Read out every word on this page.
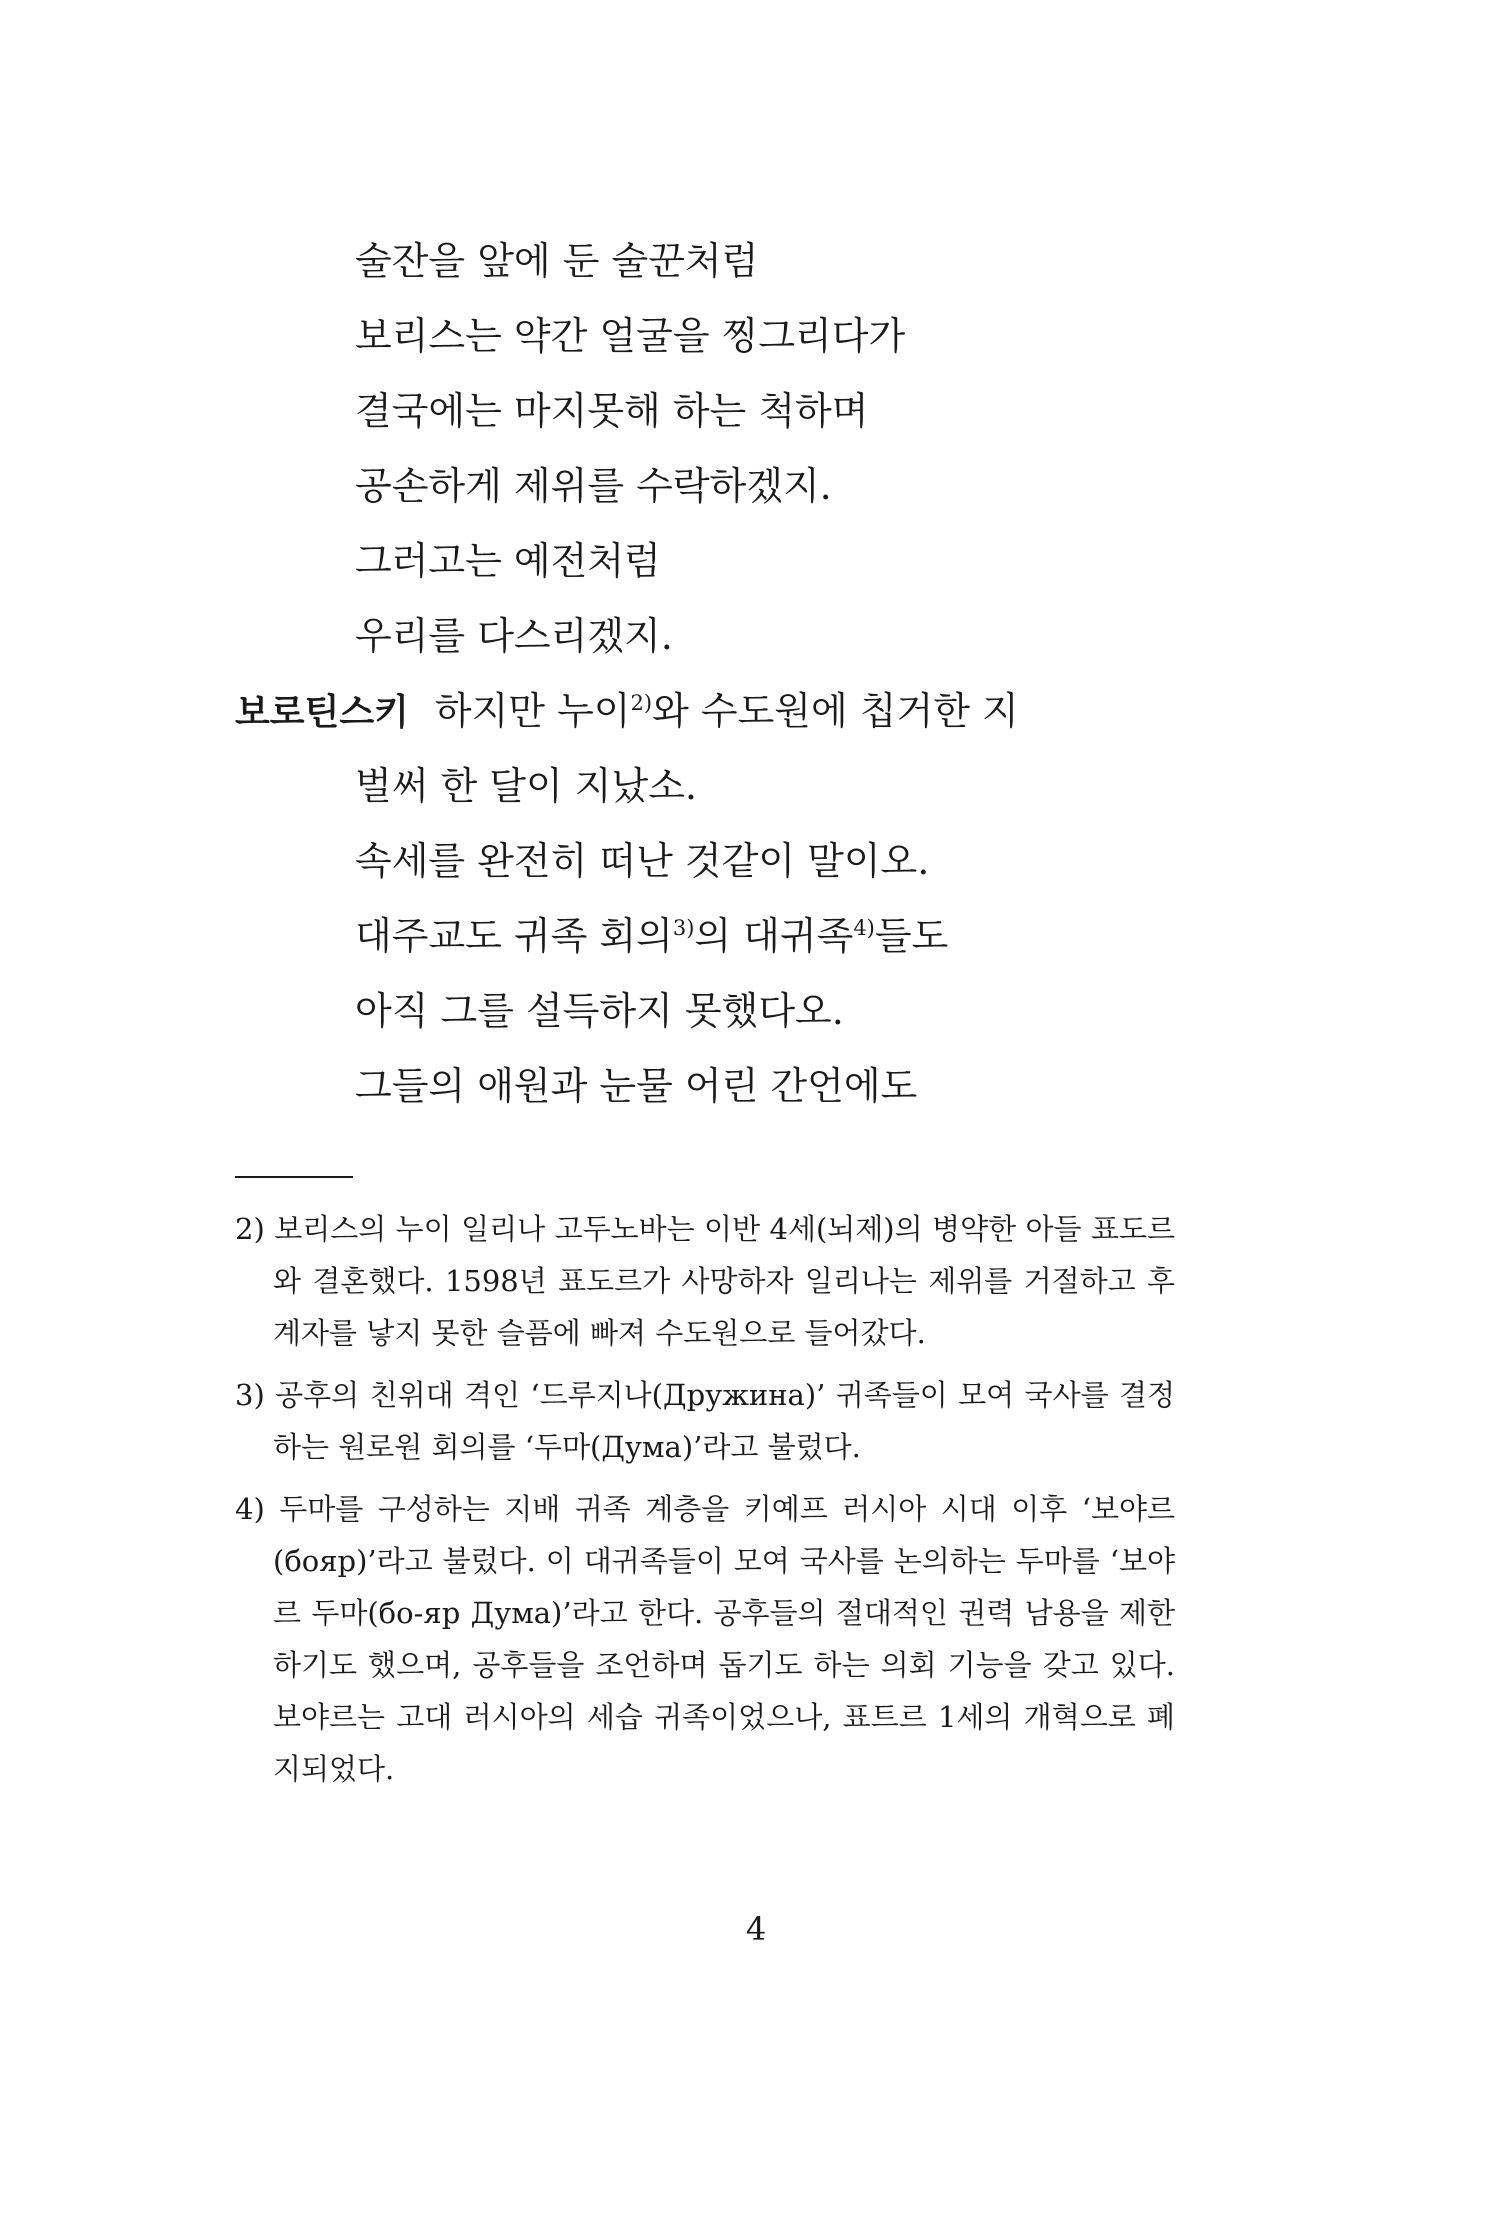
술잔을 앞에 둔 술꾼처럼
보리스는 약간 얼굴을 찡그리다가
결국에는 마지못해 하는 척하며
공손하게 제위를 수락하겠지.
그러고는 예전처럼
우리를 다스리겠지.
보로틴스키 하지만 누이$^{2)}$와 수도원에 칩거한 지
벌써 한 달이 지났소.
속세를 완전히 떠난 것같이 말이오.
대주교도 귀족 회의$^{3)}$의 대귀족$^{4)}$들도
아직 그를 설득하지 못했다오.
그들의 애원과 눈물 어린 간언에도
2) 보리스의 누이 일리나 고두노바는 이반 4세(뇌제)의 병약한 아들 표도르와 결혼했다. 1598년 표도르가 사망하자 일리나는 제위를 거절하고 후계자를 낳지 못한 슬픔에 빠져 수도원으로 들어갔다.
3) 공후의 친위대 격인 ‘드루지나(Дружина)’ 귀족들이 모여 국사를 결정하는 원로원 회의를 ‘두마(Дума)’라고 불렀다.
4) 두마를 구성하는 지배 귀족 계층을 키예프 러시아 시대 이후 ‘보야르(бояр)’라고 불렀다. 이 대귀족들이 모여 국사를 논의하는 두마를 ‘보야르 두마(бо-яр Дума)’라고 한다. 공후들의 절대적인 권력 남용을 제한하기도 했으며, 공후들을 조언하며 돕기도 하는 의회 기능을 갖고 있다. 보야르는 고대 러시아의 세습 귀족이었으나, 표트르 1세의 개혁으로 폐지되었다.
4
